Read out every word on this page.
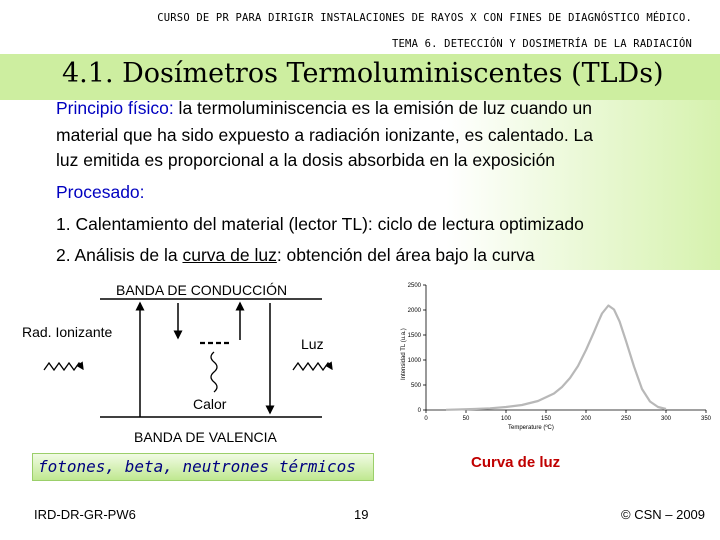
CURSO DE PR PARA DIRIGIR INSTALACIONES DE RAYOS X CON FINES DE DIAGNÓSTICO MÉDICO.
TEMA 6. DETECCIÓN Y DOSIMETRÍA DE LA RADIACIÓN
4.1. Dosímetros Termoluminiscentes (TLDs)
Principio físico: la termoluminiscencia es la emisión de luz cuando un
material que ha sido expuesto a radiación ionizante, es calentado. La
luz emitida es proporcional a la dosis absorbida en la exposición
Procesado:
1. Calentamiento del material (lector TL): ciclo de lectura optimizado
2. Análisis de la curva de luz: obtención del área bajo la curva
Intensidad TL (u.a.)
Temperature (ºC)
0
500
1000
1500
2000
2500
0	50	100	150	200	250	300	350
BANDA DE CONDUCCIÓN
Rad. Ionizante
Luz
Calor
BANDA DE VALENCIA
fotones, beta, neutrones térmicos	Curva de luz
IRD-DR-GR-PW6	19	© CSN – 2009
